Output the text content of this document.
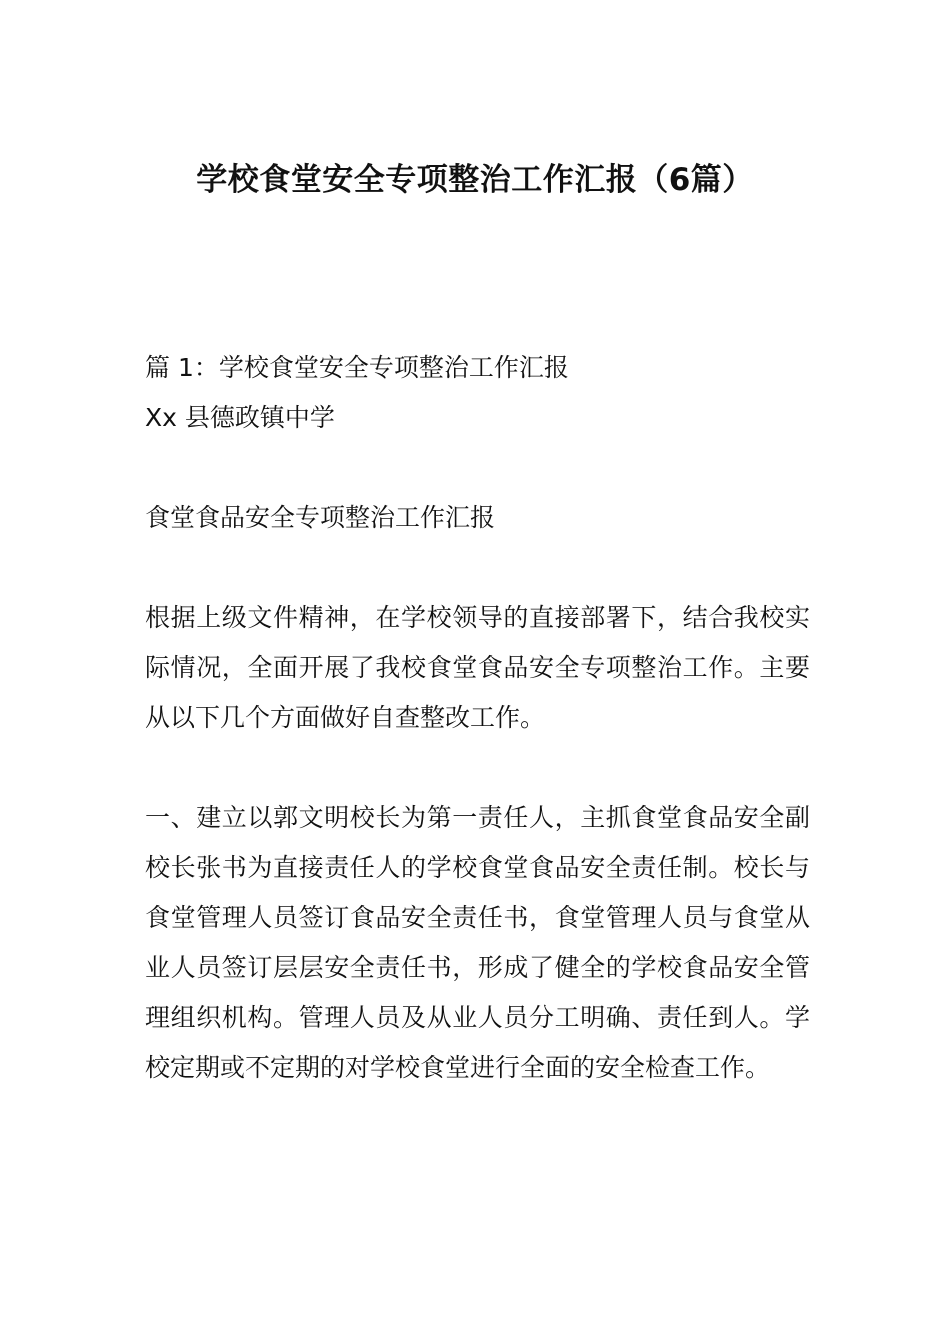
学校食堂安全专项整治工作汇报（6篇）

篇 1：学校食堂安全专项整治工作汇报

Xx 县德政镇中学

食堂食品安全专项整治工作汇报

根据上级文件精神，在学校领导的直接部署下，结合我校实际情况，全面开展了我校食堂食品安全专项整治工作。主要从以下几个方面做好自查整改工作。

一、建立以郭文明校长为第一责任人，主抓食堂食品安全副校长张书为直接责任人的学校食堂食品安全责任制。校长与食堂管理人员签订食品安全责任书，食堂管理人员与食堂从业人员签订层层安全责任书，形成了健全的学校食品安全管理组织机构。管理人员及从业人员分工明确、责任到人。学校定期或不定期的对学校食堂进行全面的安全检查工作。
